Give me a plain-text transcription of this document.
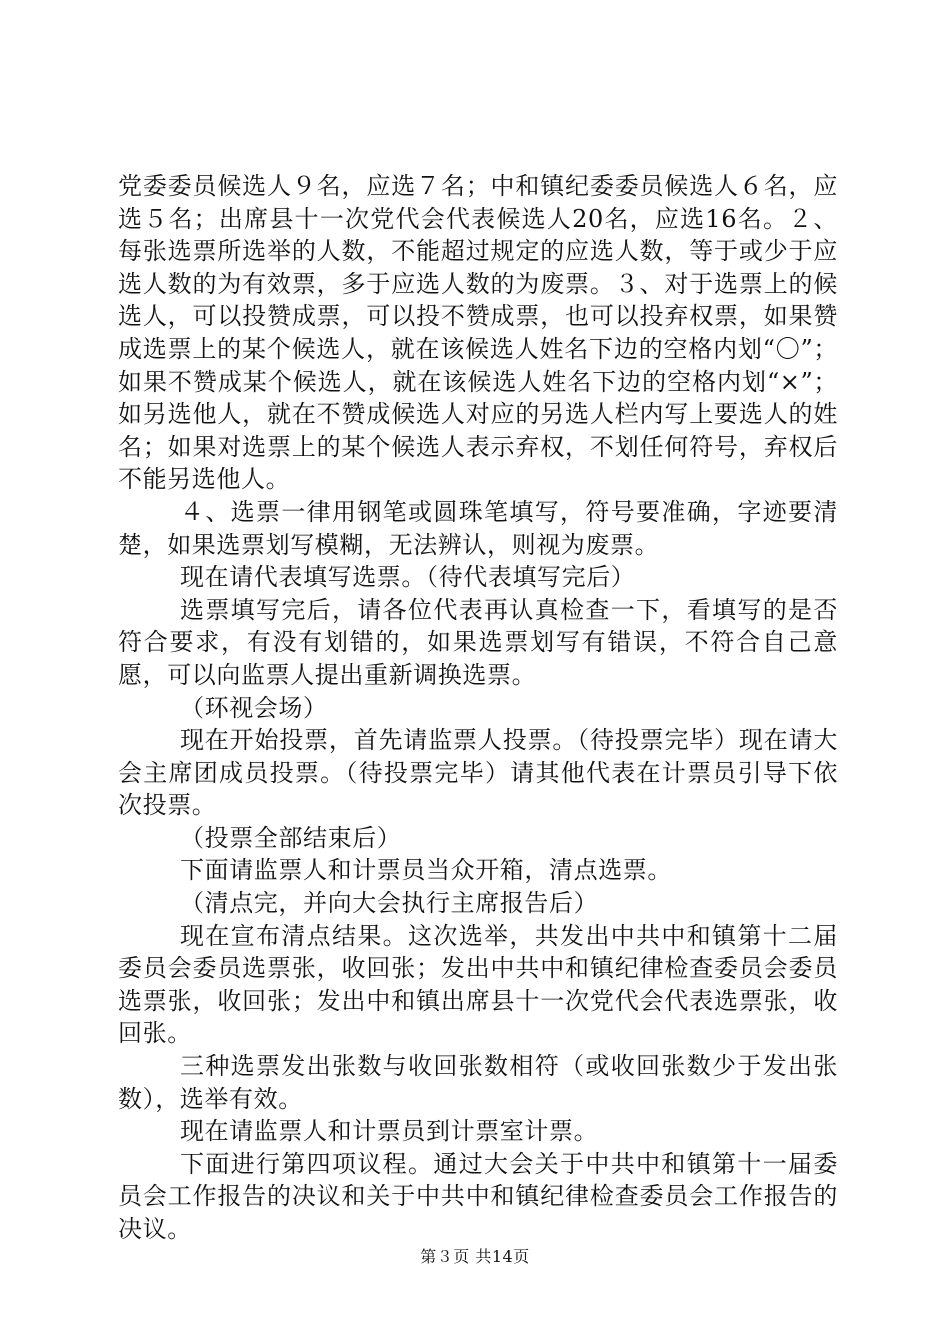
党委委员候选人９名，应选７名；中和镇纪委委员候选人６名，应选５名；出席县十一次党代会代表候选人20名，应选16名。２、每张选票所选举的人数，不能超过规定的应选人数，等于或少于应选人数的为有效票，多于应选人数的为废票。３、对于选票上的候选人，可以投赞成票，可以投不赞成票，也可以投弃权票，如果赞成选票上的某个候选人，就在该候选人姓名下边的空格内划“〇”；如果不赞成某个候选人，就在该候选人姓名下边的空格内划“×”；如另选他人，就在不赞成候选人对应的另选人栏内写上要选人的姓名；如果对选票上的某个候选人表示弃权，不划任何符号，弃权后不能另选他人。

４、选票一律用钢笔或圆珠笔填写，符号要准确，字迹要清楚，如果选票划写模糊，无法辨认，则视为废票。

现在请代表填写选票。（待代表填写完后）

选票填写完后，请各位代表再认真检查一下，看填写的是否符合要求，有没有划错的，如果选票划写有错误，不符合自己意愿，可以向监票人提出重新调换选票。

（环视会场）

现在开始投票，首先请监票人投票。（待投票完毕）现在请大会主席团成员投票。（待投票完毕）请其他代表在计票员引导下依次投票。

（投票全部结束后）

下面请监票人和计票员当众开箱，清点选票。

（清点完，并向大会执行主席报告后）

现在宣布清点结果。这次选举，共发出中共中和镇第十二届委员会委员选票张，收回张；发出中共中和镇纪律检查委员会委员选票张，收回张；发出中和镇出席县十一次党代会代表选票张，收回张。

三种选票发出张数与收回张数相符（或收回张数少于发出张数），选举有效。

现在请监票人和计票员到计票室计票。

下面进行第四项议程。通过大会关于中共中和镇第十一届委员会工作报告的决议和关于中共中和镇纪律检查委员会工作报告的决议。

第３页 共14页
